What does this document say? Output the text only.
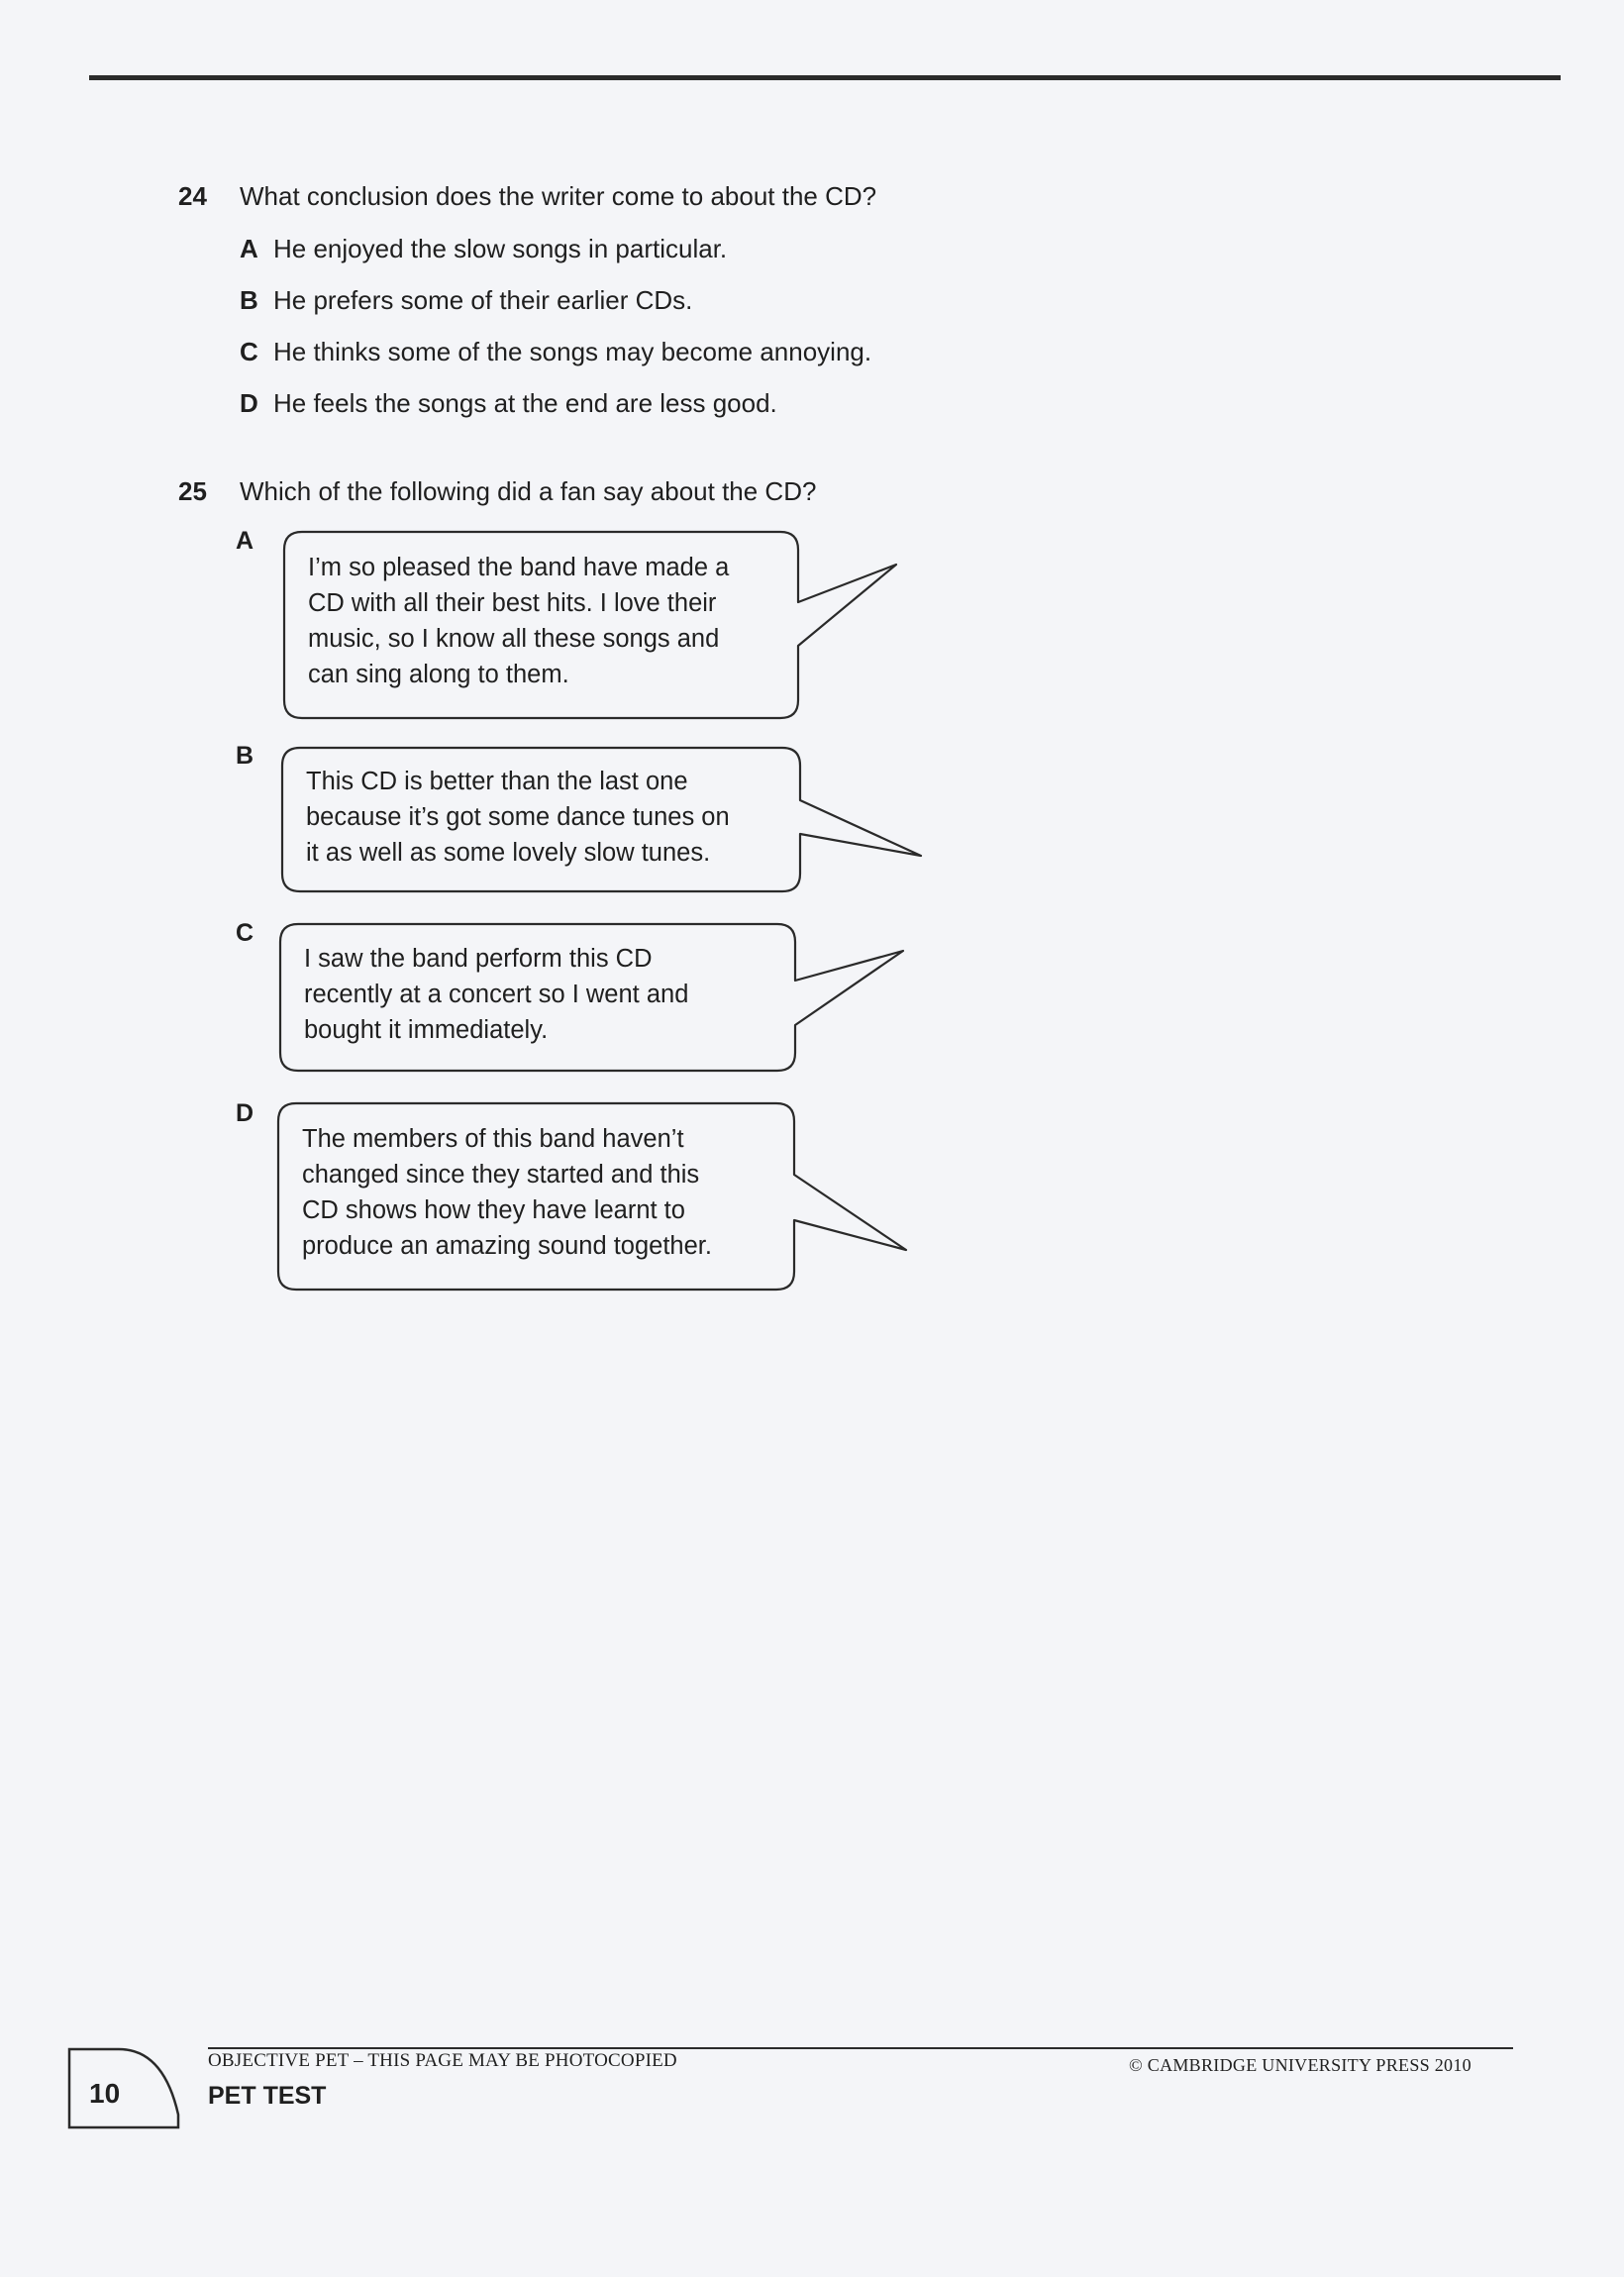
24	What conclusion does the writer come to about the CD?
A He enjoyed the slow songs in particular.
B He prefers some of their earlier CDs.
C He thinks some of the songs may become annoying.
D He feels the songs at the end are less good.
25	Which of the following did a fan say about the CD?
A
I’m so pleased the band have made a
CD with all their best hits. I love their
music, so I know all these songs and
can sing along to them.
B
This CD is better than the last one
because it’s got some dance tunes on
it as well as some lovely slow tunes.
C
I saw the band perform this CD
recently at a concert so I went and
bought it immediately.
D
The members of this band haven’t
changed since they started and this
CD shows how they have learnt to
produce an amazing sound together.
10
OBJECTIVE PET – THIS PAGE MAY BE PHOTOCOPIED	© CAMBRIDGE UNIVERSITY PRESS 2010
PET TEST
